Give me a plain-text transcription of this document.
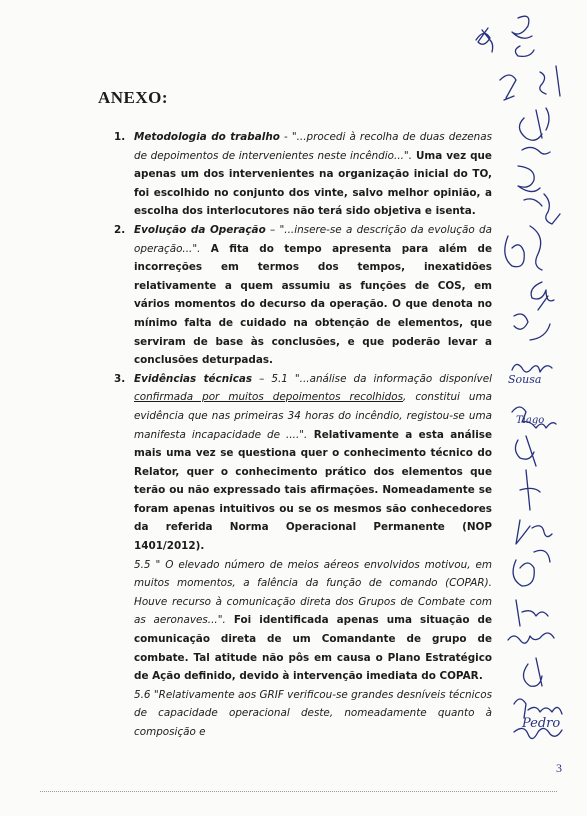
ANEXO:
1. Metodologia do trabalho - "...procedi à recolha de duas dezenas de depoimentos de intervenientes neste incêndio...". Uma vez que apenas um dos intervenientes na organização inicial do TO, foi escolhido no conjunto dos vinte, salvo melhor opinião, a escolha dos interlocutores não terá sido objetiva e isenta.

2. Evolução da Operação – "...insere-se a descrição da evolução da operação...". A fita do tempo apresenta para além de incorreções em termos dos tempos, inexatidões relativamente a quem assumiu as funções de COS, em vários momentos do decurso da operação. O que denota no mínimo falta de cuidado na obtenção de elementos, que serviram de base às conclusões, e que poderão levar a conclusões deturpadas.

3. Evidências técnicas – 5.1 "...análise da informação disponível confirmada por muitos depoimentos recolhidos, constitui uma evidência que nas primeiras 34 horas do incêndio, registou-se uma manifesta incapacidade de ....". Relativamente a esta análise mais uma vez se questiona quer o conhecimento técnico do Relator, quer o conhecimento prático dos elementos que terão ou não expressado tais afirmações. Nomeadamente se foram apenas intuitivos ou se os mesmos são conhecedores da referida Norma Operacional Permanente (NOP 1401/2012).

5.5 " O elevado número de meios aéreos envolvidos motivou, em muitos momentos, a falência da função de comando (COPAR). Houve recurso à comunicação direta dos Grupos de Combate com as aeronaves...". Foi identificada apenas uma situação de comunicação direta de um Comandante de grupo de combate. Tal atitude não pôs em causa o Plano Estratégico de Ação definido, devido à intervenção imediata do COPAR.

5.6 "Relativamente aos GRIF verificou-se grandes desníveis técnicos de capacidade operacional deste, nomeadamente quanto à composição e

Sousa
Tiago
Pedro
3
